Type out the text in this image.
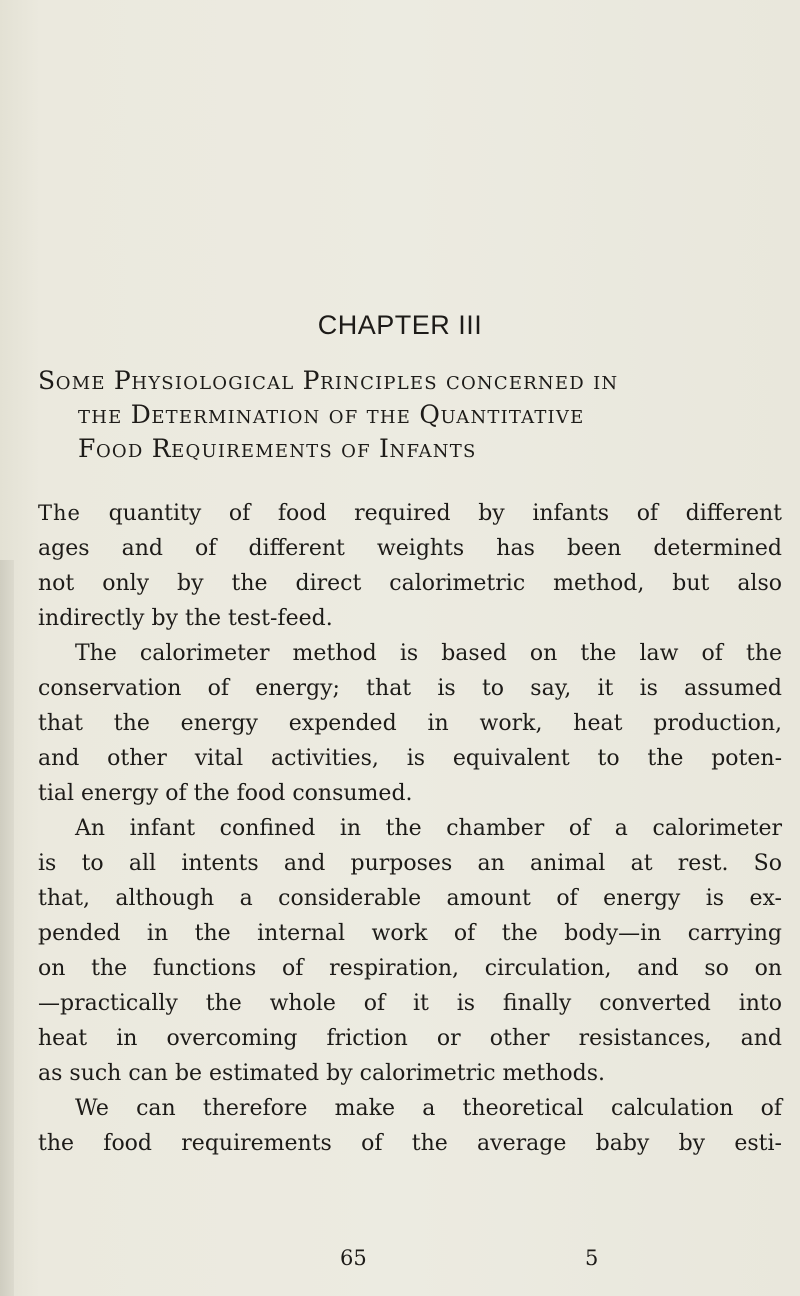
CHAPTER III
SOME PHYSIOLOGICAL PRINCIPLES CONCERNED IN
THE DETERMINATION OF THE QUANTITATIVE
FOOD REQUIREMENTS OF INFANTS
The quantity of food required by infants of different
ages and of different weights has been determined
not only by the direct calorimetric method, but also
indirectly by the test-feed.
The calorimeter method is based on the law of the
conservation of energy; that is to say, it is assumed
that the energy expended in work, heat production,
and other vital activities, is equivalent to the poten-
tial energy of the food consumed.
An infant confined in the chamber of a calorimeter
is to all intents and purposes an animal at rest. So
that, although a considerable amount of energy is ex-
pended in the internal work of the body—in carrying
on the functions of respiration, circulation, and so on
—practically the whole of it is finally converted into
heat in overcoming friction or other resistances, and
as such can be estimated by calorimetric methods.
We can therefore make a theoretical calculation of
the food requirements of the average baby by esti-
65	5
